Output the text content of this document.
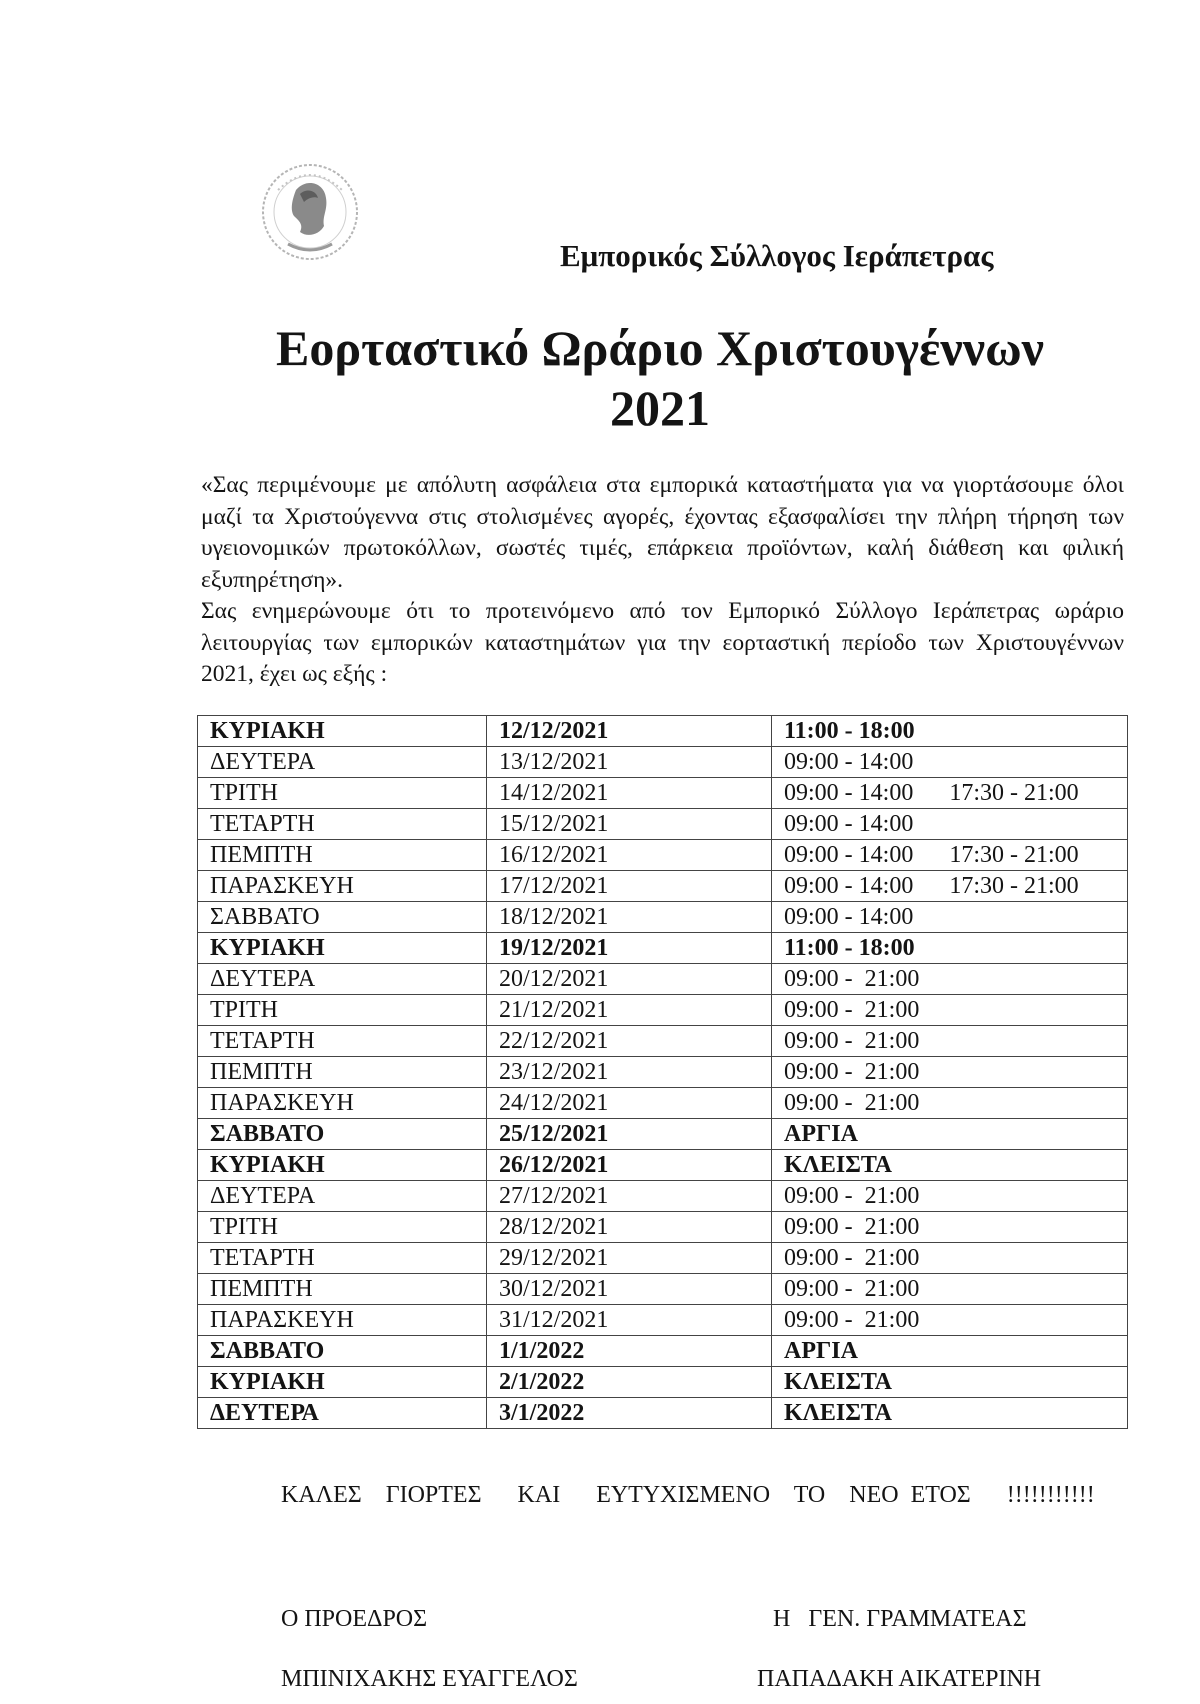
Εμπορικός Σύλλογος Ιεράπετρας
Εορταστικό Ωράριο Χριστουγέννων
2021

«Σας περιμένουμε με απόλυτη ασφάλεια στα εμπορικά καταστήματα για να γιορτάσουμε όλοι μαζί τα Χριστούγεννα στις στολισμένες αγορές, έχοντας εξασφαλίσει την πλήρη τήρηση των υγειονομικών πρωτοκόλλων, σωστές τιμές, επάρκεια προϊόντων, καλή διάθεση και φιλική εξυπηρέτηση».

Σας ενημερώνουμε ότι το προτεινόμενο από τον Εμπορικό Σύλλογο Ιεράπετρας ωράριο λειτουργίας των εμπορικών καταστημάτων για την εορταστική περίοδο των Χριστουγέννων 2021, έχει ως εξής :

ΚΥΡΙΑΚΗ	12/12/2021	11:00 - 18:00
ΔΕΥΤΕΡΑ	13/12/2021	09:00 - 14:00
ΤΡΙΤΗ	14/12/2021	09:00 - 14:00 17:30 - 21:00
ΤΕΤΑΡΤΗ	15/12/2021	09:00 - 14:00
ΠΕΜΠΤΗ	16/12/2021	09:00 - 14:00 17:30 - 21:00
ΠΑΡΑΣΚΕΥΗ	17/12/2021	09:00 - 14:00 17:30 - 21:00
ΣΑΒΒΑΤΟ	18/12/2021	09:00 - 14:00
ΚΥΡΙΑΚΗ	19/12/2021	11:00 - 18:00
ΔΕΥΤΕΡΑ	20/12/2021	09:00 -  21:00
ΤΡΙΤΗ	21/12/2021	09:00 -  21:00
ΤΕΤΑΡΤΗ	22/12/2021	09:00 -  21:00
ΠΕΜΠΤΗ	23/12/2021	09:00 -  21:00
ΠΑΡΑΣΚΕΥΗ	24/12/2021	09:00 -  21:00
ΣΑΒΒΑΤΟ	25/12/2021	ΑΡΓΙΑ
ΚΥΡΙΑΚΗ	26/12/2021	ΚΛΕΙΣΤΑ
ΔΕΥΤΕΡΑ	27/12/2021	09:00 -  21:00
ΤΡΙΤΗ	28/12/2021	09:00 -  21:00
ΤΕΤΑΡΤΗ	29/12/2021	09:00 -  21:00
ΠΕΜΠΤΗ	30/12/2021	09:00 -  21:00
ΠΑΡΑΣΚΕΥΗ	31/12/2021	09:00 -  21:00
ΣΑΒΒΑΤΟ	1/1/2022	ΑΡΓΙΑ
ΚΥΡΙΑΚΗ	2/1/2022	ΚΛΕΙΣΤΑ
ΔΕΥΤΕΡΑ	3/1/2022	ΚΛΕΙΣΤΑ
ΚΑΛΕΣ  ΓΙΟΡΤΕΣ   ΚΑΙ   ΕΥΤΥΧΙΣΜΕΝΟ  ΤΟ  ΝΕΟ ΕΤΟΣ   !!!!!!!!!!!
Ο ΠΡΟΕΔΡΟΣ	Η   ΓΕΝ. ΓΡΑΜΜΑΤΕΑΣ
ΜΠΙΝΙΧΑΚΗΣ ΕΥΑΓΓΕΛΟΣ	ΠΑΠΑΔΑΚΗ ΑΙΚΑΤΕΡΙΝΗ
